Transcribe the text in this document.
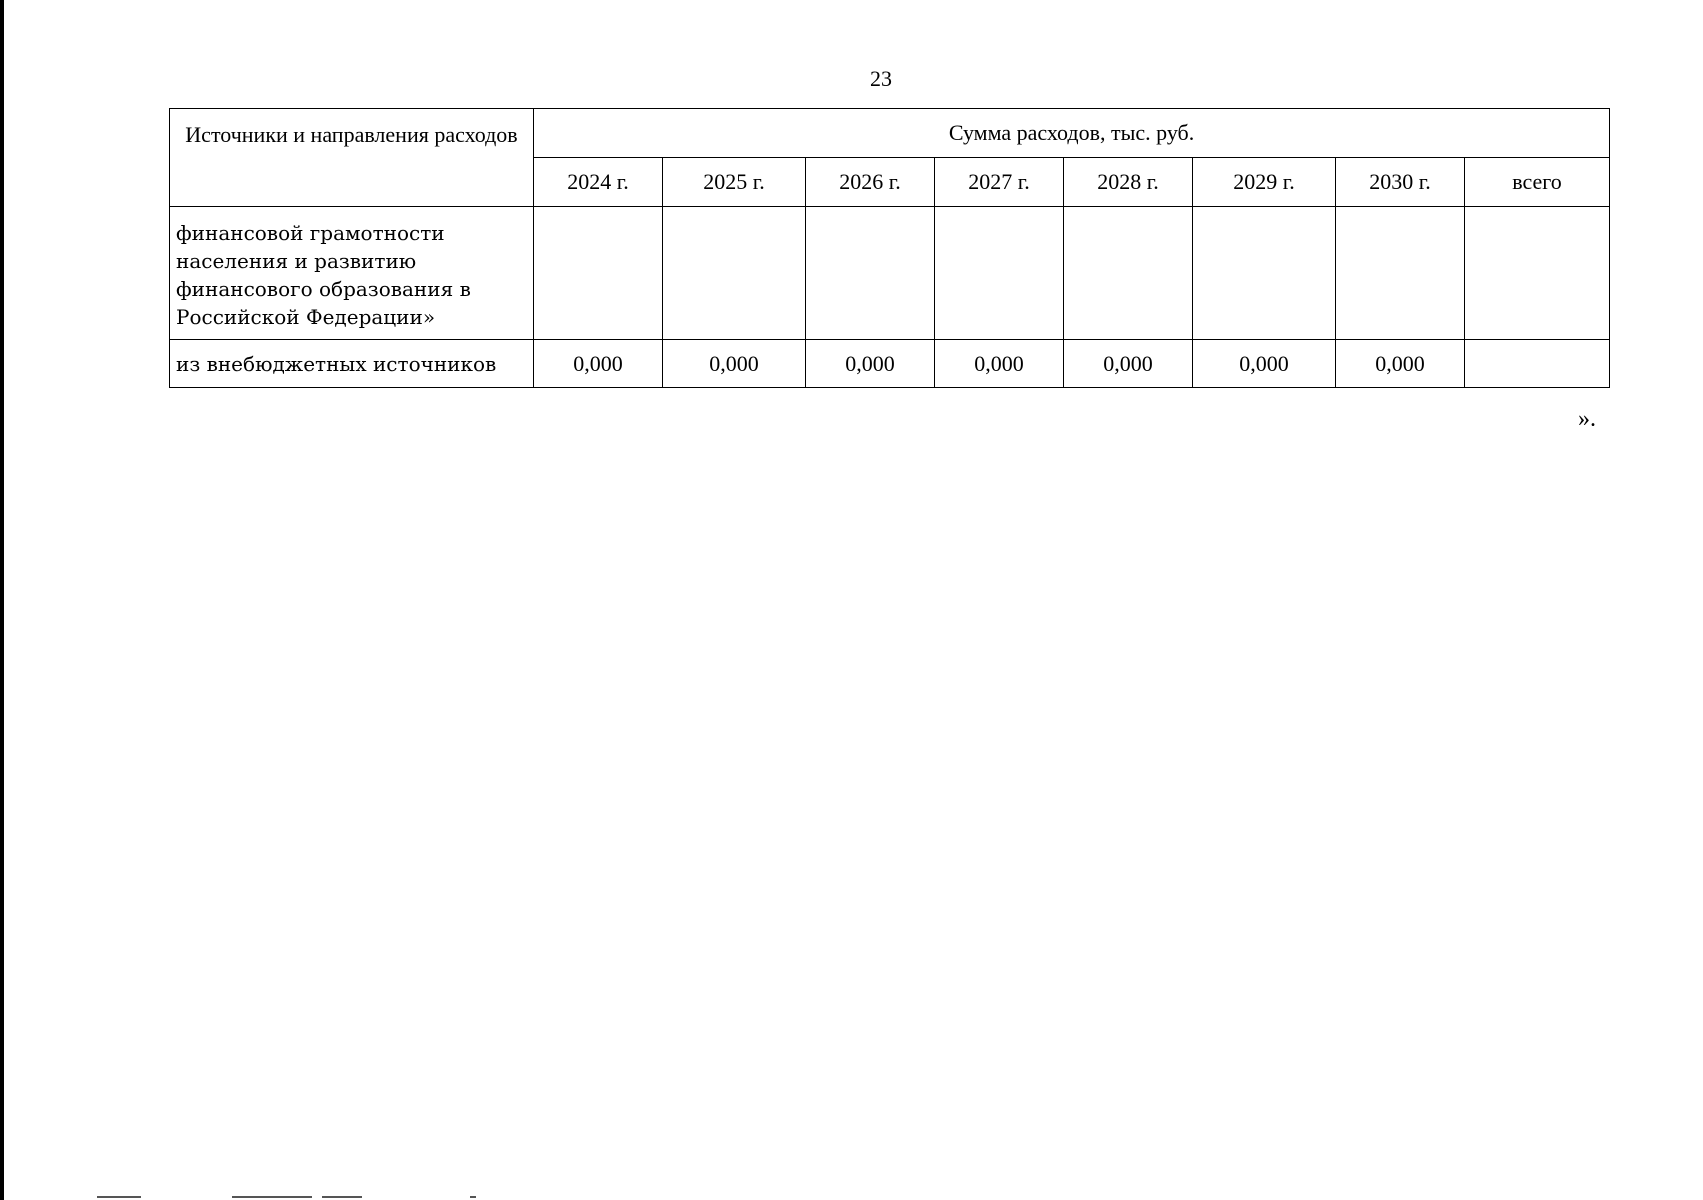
23
Источники и направления расходов	Сумма расходов, тыс. руб.							
	2024 г.	2025 г.	2026 г.	2027 г.	2028 г.	2029 г.	2030 г.	всего
финансовой грамотности населения и развитию финансового образования в Российской Федерации»								
из внебюджетных источников	0,000	0,000	0,000	0,000	0,000	0,000	0,000	
».
